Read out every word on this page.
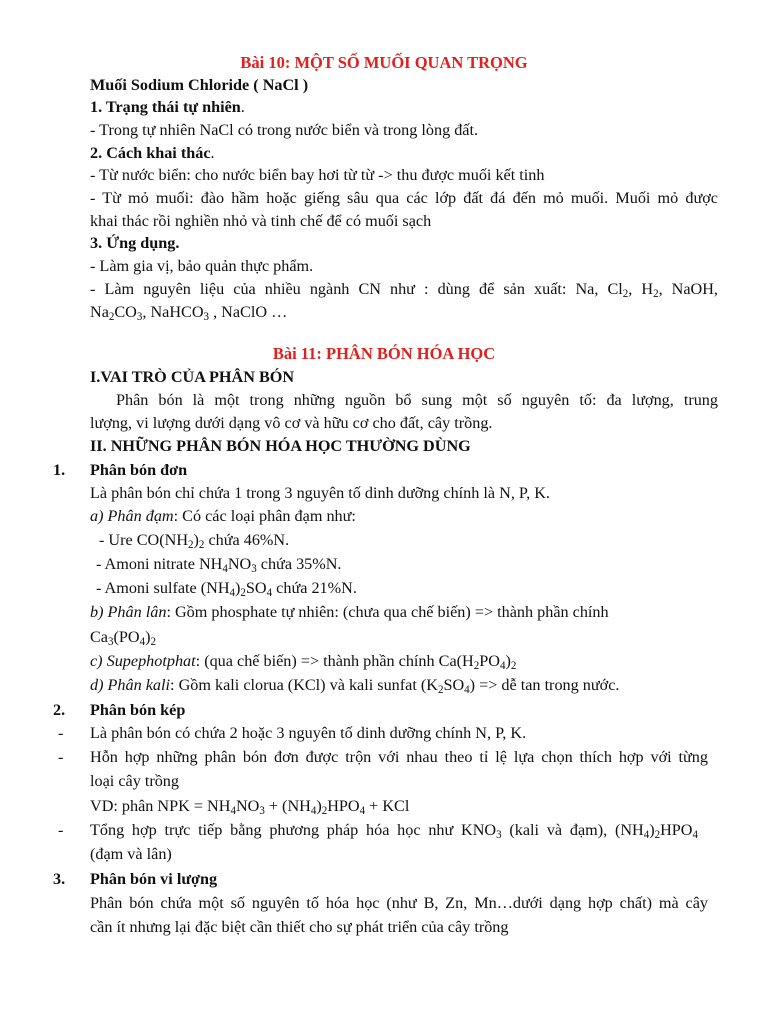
Bài 10: MỘT SỐ MUỐI QUAN TRỌNG
Muối Sodium Chloride ( NaCl )
1. Trạng thái tự nhiên.
- Trong tự nhiên NaCl có trong nước biển và trong lòng đất.
2. Cách khai thác.
- Từ nước biển: cho nước biển bay hơi từ từ -> thu được muối kết tinh
- Từ mỏ muối: đào hầm hoặc giếng sâu qua các lớp đất đá đến mỏ muối. Muối mỏ được
khai thác rồi nghiền nhỏ và tinh chế để có muối sạch
3. Ứng dụng.
- Làm gia vị, bảo quản thực phẩm.
- Làm nguyên liệu của nhiều ngành CN như : dùng để sản xuất: Na, $Cl_2$, $H_2$, NaOH,
$Na_2CO_3$, NaHCO$_3$ , NaClO …
Bài 11: PHÂN BÓN HÓA HỌC
I.VAI TRÒ CỦA PHÂN BÓN
Phân bón là một trong những nguồn bổ sung một số nguyên tố: đa lượng, trung
lượng, vi lượng dưới dạng vô cơ và hữu cơ cho đất, cây trồng.
II. NHỮNG PHÂN BÓN HÓA HỌC THƯỜNG DÙNG
1. Phân bón đơn
Là phân bón chỉ chứa 1 trong 3 nguyên tố dinh dưỡng chính là N, P, K.
a) Phân đạm: Có các loại phân đạm như:
- Ure $CO(NH_2)_2$ chứa 46%N.
- Amoni nitrate $NH_4NO_3$ chứa 35%N.
- Amoni sulfate $(NH_4)_2SO_4$ chứa 21%N.
b) Phân lân: Gồm phosphate tự nhiên: (chưa qua chế biến) => thành phần chính
$Ca_3(PO_4)_2$
c) Supephotphat: (qua chế biến) => thành phần chính $Ca(H_2PO_4)_2$
d) Phân kali: Gồm kali clorua (KCl) và kali sunfat $(K_2SO_4)$ => dễ tan trong nước.
2. Phân bón kép
- Là phân bón có chứa 2 hoặc 3 nguyên tố dinh dưỡng chính N, P, K.
- Hỗn hợp những phân bón đơn được trộn với nhau theo tỉ lệ lựa chọn thích hợp với từng
loại cây trồng
VD: phân NPK = $NH_4NO_3 + (NH_4)_2HPO_4$ + KCl
- Tổng hợp trực tiếp bằng phương pháp hóa học như $KNO_3$ (kali và đạm), $(NH_4)_2HPO_4$
(đạm và lân)
3. Phân bón vi lượng
Phân bón chứa một số nguyên tố hóa học (như B, Zn, Mn…dưới dạng hợp chất) mà cây
cần ít nhưng lại đặc biệt cần thiết cho sự phát triển của cây trồng
